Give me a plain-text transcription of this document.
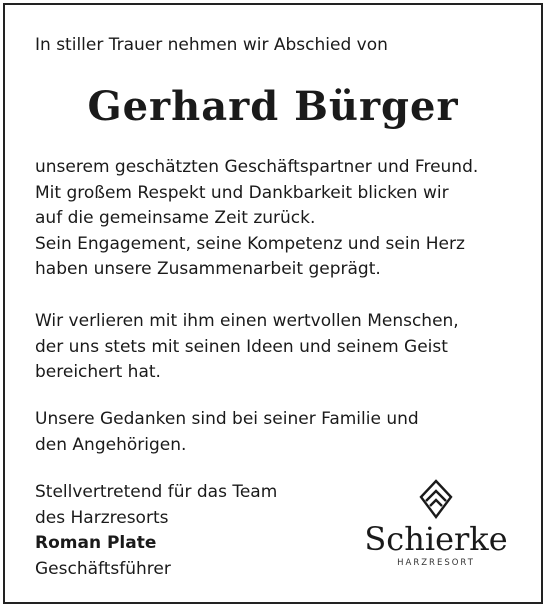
In stiller Trauer nehmen wir Abschied von
Gerhard Bürger
unserem geschätzten Geschäftspartner und Freund.
Mit großem Respekt und Dankbarkeit blicken wir
auf die gemeinsame Zeit zurück.
Sein Engagement, seine Kompetenz und sein Herz
haben unsere Zusammenarbeit geprägt.
Wir verlieren mit ihm einen wertvollen Menschen,
der uns stets mit seinen Ideen und seinem Geist
bereichert hat.
Unsere Gedanken sind bei seiner Familie und
den Angehörigen.
Stellvertretend für das Team
des Harzresorts
Roman Plate
Geschäftsführer
Schierke
HARZRESORT
